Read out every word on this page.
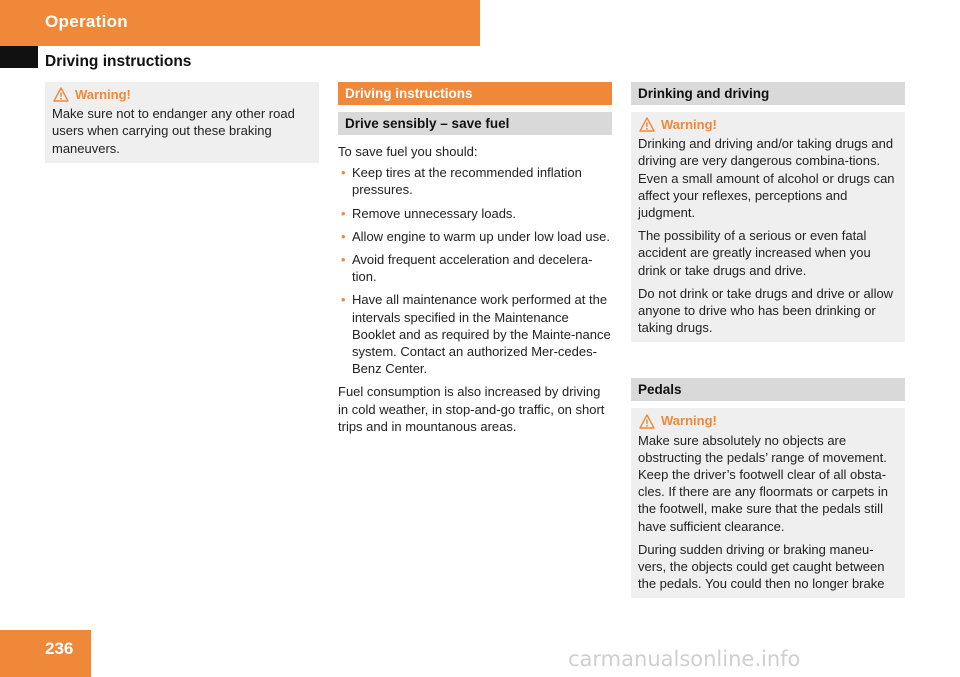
Operation
Driving instructions
Warning!

Make sure not to endanger any other road users when carrying out these braking maneuvers.

Driving instructions
Drive sensibly – save fuel

To save fuel you should:

• Keep tires at the recommended inflation pressures.
• Remove unnecessary loads.
• Allow engine to warm up under low load use.
• Avoid frequent acceleration and decelera-tion.
• Have all maintenance work performed at the intervals specified in the Maintenance Booklet and as required by the Mainte-nance system. Contact an authorized Mer-cedes-Benz Center.

Fuel consumption is also increased by driving in cold weather, in stop-and-go traffic, on short trips and in mountanous areas.

Drinking and driving
Warning!

Drinking and driving and/or taking drugs and driving are very dangerous combina-tions. Even a small amount of alcohol or drugs can affect your reflexes, perceptions and judgment.

The possibility of a serious or even fatal accident are greatly increased when you drink or take drugs and drive.

Do not drink or take drugs and drive or allow anyone to drive who has been drinking or taking drugs.

Pedals
Warning!

Make sure absolutely no objects are obstructing the pedals’ range of movement. Keep the driver’s footwell clear of all obsta-cles. If there are any floormats or carpets in the footwell, make sure that the pedals still have sufficient clearance.

During sudden driving or braking maneu-vers, the objects could get caught between the pedals. You could then no longer brake

236	carmanualsonline.info
